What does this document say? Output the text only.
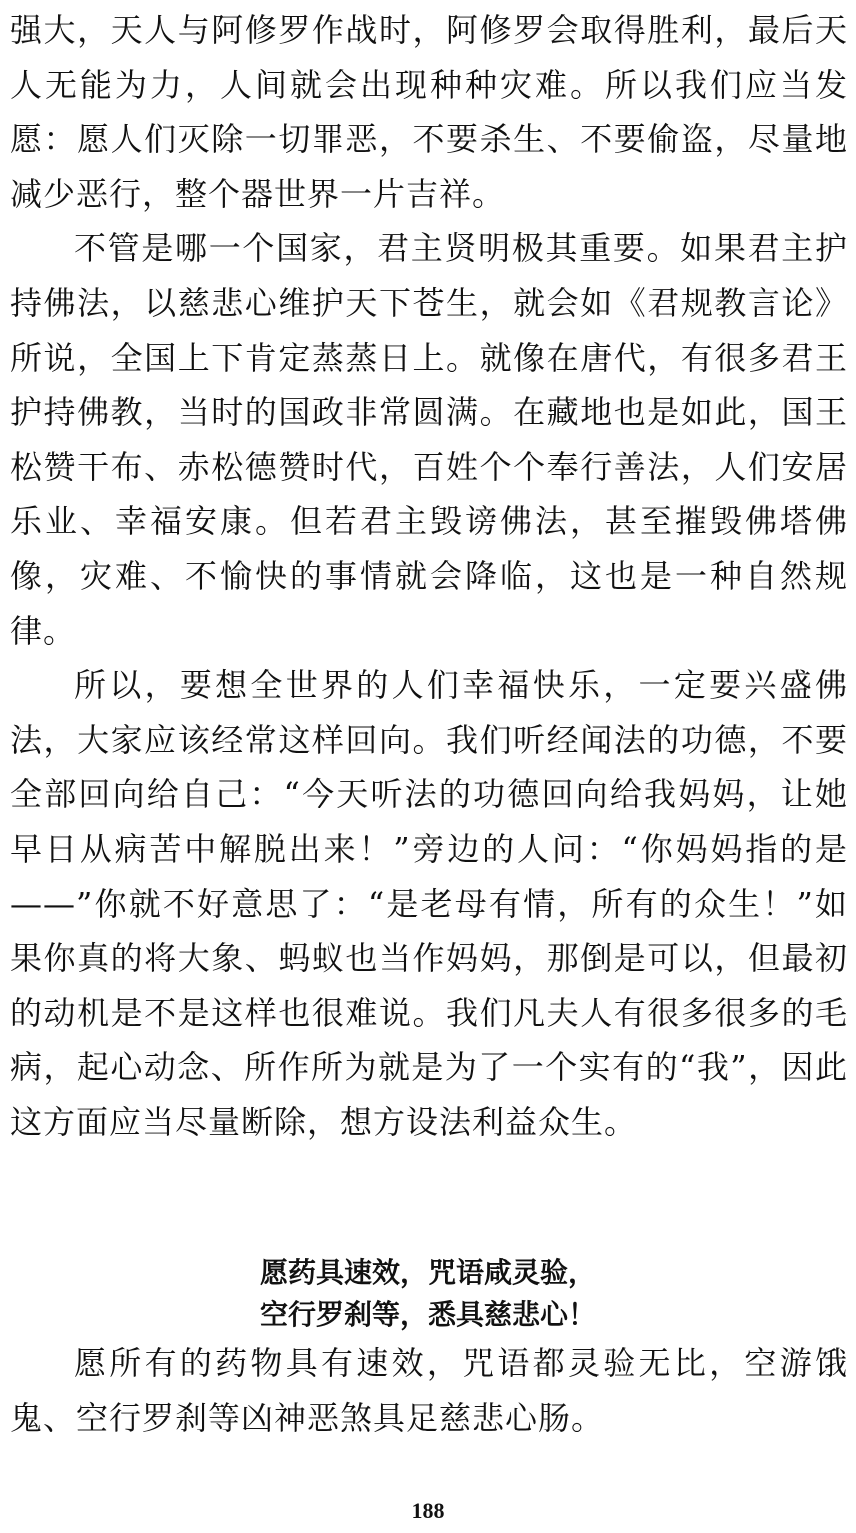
强大，天人与阿修罗作战时，阿修罗会取得胜利，最后天人无能为力，人间就会出现种种灾难。所以我们应当发愿：愿人们灭除一切罪恶，不要杀生、不要偷盗，尽量地减少恶行，整个器世界一片吉祥。

不管是哪一个国家，君主贤明极其重要。如果君主护持佛法，以慈悲心维护天下苍生，就会如《君规教言论》所说，全国上下肯定蒸蒸日上。就像在唐代，有很多君王护持佛教，当时的国政非常圆满。在藏地也是如此，国王松赞干布、赤松德赞时代，百姓个个奉行善法，人们安居乐业、幸福安康。但若君主毁谤佛法，甚至摧毁佛塔佛像，灾难、不愉快的事情就会降临，这也是一种自然规律。

所以，要想全世界的人们幸福快乐，一定要兴盛佛法，大家应该经常这样回向。我们听经闻法的功德，不要全部回向给自己：“今天听法的功德回向给我妈妈，让她早日从病苦中解脱出来！”旁边的人问：“你妈妈指的是——”你就不好意思了：“是老母有情，所有的众生！”如果你真的将大象、蚂蚁也当作妈妈，那倒是可以，但最初的动机是不是这样也很难说。我们凡夫人有很多很多的毛病，起心动念、所作所为就是为了一个实有的“我”，因此这方面应当尽量断除，想方设法利益众生。

愿药具速效，咒语咸灵验，
空行罗刹等，悉具慈悲心！

愿所有的药物具有速效，咒语都灵验无比，空游饿鬼、空行罗刹等凶神恶煞具足慈悲心肠。

188
